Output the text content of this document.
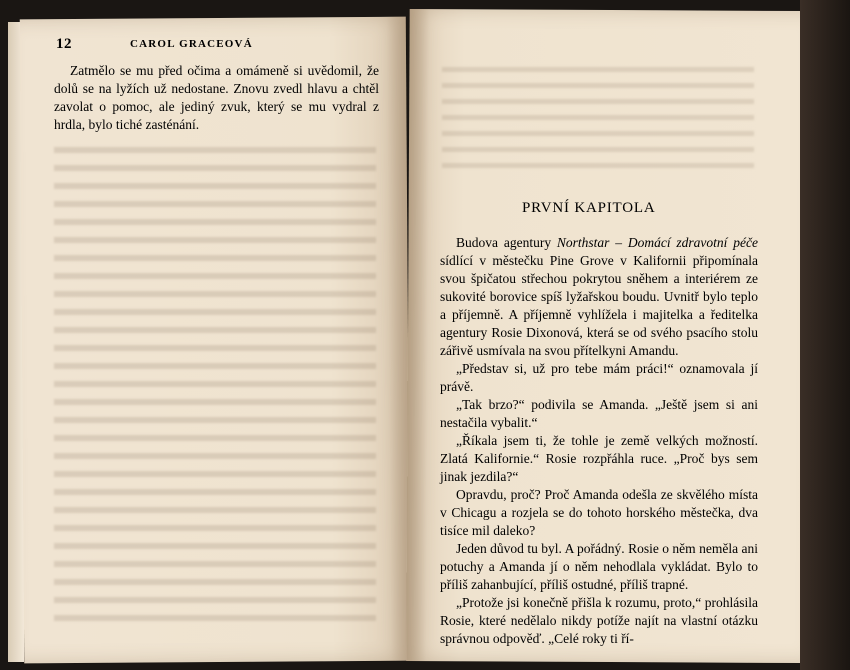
12	CAROL GRACEOVÁ

Zatmělo se mu před očima a omámeně si uvědomil, že dolů se na lyžích už nedostane. Znovu zvedl hlavu a chtěl zavolat o pomoc, ale jediný zvuk, který se mu vydral z hrdla, bylo tiché zasténání.

PRVNÍ KAPITOLA

Budova agentury Northstar – Domácí zdravotní péče sídlící v městečku Pine Grove v Kalifornii připomínala svou špičatou střechou pokrytou sněhem a interiérem ze sukovité borovice spíš lyžařskou boudu. Uvnitř bylo teplo a příjemně. A příjemně vyhlížela i majitelka a ředitelka agentury Rosie Dixonová, která se od svého psacího stolu zářivě usmívala na svou přítelkyni Amandu.

„Představ si, už pro tebe mám práci!“ oznamovala jí právě.

„Tak brzo?“ podivila se Amanda. „Ještě jsem si ani nestačila vybalit.“

„Říkala jsem ti, že tohle je země velkých možností. Zlatá Kalifornie.“ Rosie rozpřáhla ruce. „Proč bys sem jinak jezdila?“

Opravdu, proč? Proč Amanda odešla ze skvělého místa v Chicagu a rozjela se do tohoto horského městečka, dva tisíce mil daleko?

Jeden důvod tu byl. A pořádný. Rosie o něm neměla ani potuchy a Amanda jí o něm nehodlala vykládat. Bylo to příliš zahanbující, příliš ostudné, příliš trapné.

„Protože jsi konečně přišla k rozumu, proto,“ prohlásila Rosie, které nedělalo nikdy potíže najít na vlastní otázku správnou odpověď. „Celé roky ti ří-
